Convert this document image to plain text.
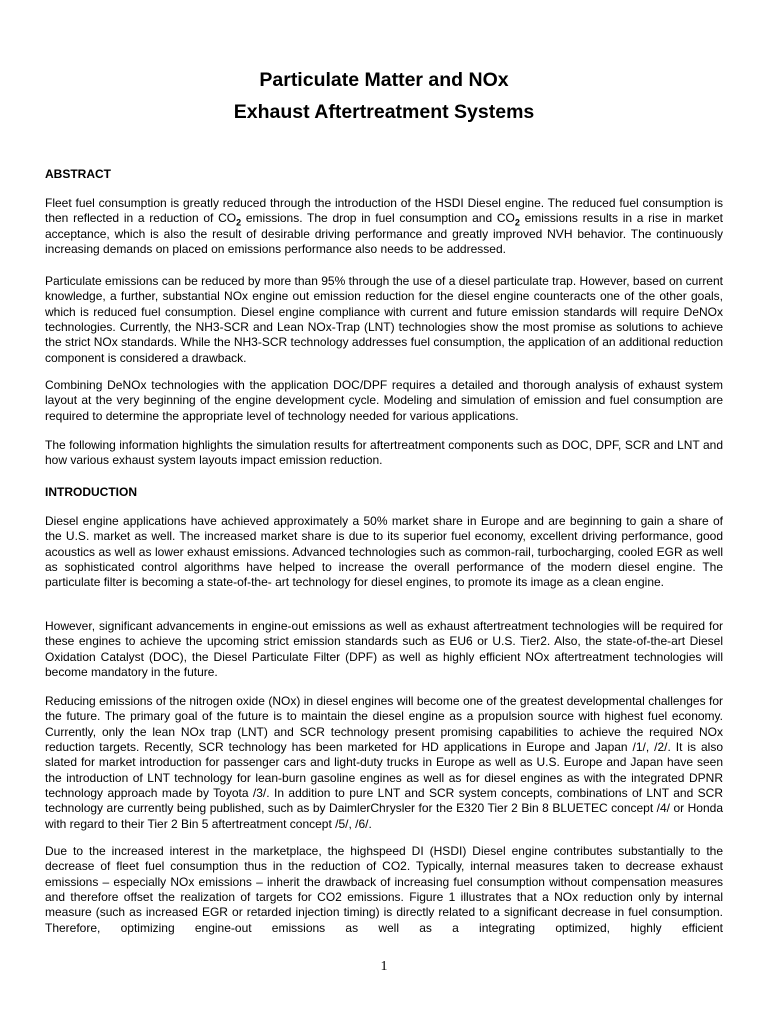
Particulate Matter and NOx
Exhaust Aftertreatment Systems
ABSTRACT

Fleet fuel consumption is greatly reduced through the introduction of the HSDI Diesel engine. The reduced fuel consumption is then reflected in a reduction of $CO_2$ emissions. The drop in fuel consumption and $CO_2$ emissions results in a rise in market acceptance, which is also the result of desirable driving performance and greatly improved NVH behavior. The continuously increasing demands on placed on emissions performance also needs to be addressed.

Particulate emissions can be reduced by more than 95% through the use of a diesel particulate trap. However, based on current knowledge, a further, substantial NOx engine out emission reduction for the diesel engine counteracts one of the other goals, which is reduced fuel consumption. Diesel engine compliance with current and future emission standards will require DeNOx technologies. Currently, the NH3-SCR and Lean NOx-Trap (LNT) technologies show the most promise as solutions to achieve the strict NOx standards. While the NH3-SCR technology addresses fuel consumption, the application of an additional reduction component is considered a drawback.

Combining DeNOx technologies with the application DOC/DPF requires a detailed and thorough analysis of exhaust system layout at the very beginning of the engine development cycle. Modeling and simulation of emission and fuel consumption are required to determine the appropriate level of technology needed for various applications.

The following information highlights the simulation results for aftertreatment components such as DOC, DPF, SCR and LNT and how various exhaust system layouts impact emission reduction.

INTRODUCTION

Diesel engine applications have achieved approximately a 50% market share in Europe and are beginning to gain a share of the U.S. market as well. The increased market share is due to its superior fuel economy, excellent driving performance, good acoustics as well as lower exhaust emissions. Advanced technologies such as common-rail, turbocharging, cooled EGR as well as sophisticated control algorithms have helped to increase the overall performance of the modern diesel engine. The particulate filter is becoming a state-of-the- art technology for diesel engines, to promote its image as a clean engine.

However, significant advancements in engine-out emissions as well as exhaust aftertreatment technologies will be required for these engines to achieve the upcoming strict emission standards such as EU6 or U.S. Tier2. Also, the state-of-the-art Diesel Oxidation Catalyst (DOC), the Diesel Particulate Filter (DPF) as well as highly efficient NOx aftertreatment technologies will become mandatory in the future.

Reducing emissions of the nitrogen oxide (NOx) in diesel engines will become one of the greatest developmental challenges for the future. The primary goal of the future is to maintain the diesel engine as a propulsion source with highest fuel economy. Currently, only the lean NOx trap (LNT) and SCR technology present promising capabilities to achieve the required NOx reduction targets. Recently, SCR technology has been marketed for HD applications in Europe and Japan /1/, /2/. It is also slated for market introduction for passenger cars and light-duty trucks in Europe as well as U.S. Europe and Japan have seen the introduction of LNT technology for lean-burn gasoline engines as well as for diesel engines as with the integrated DPNR technology approach made by Toyota /3/. In addition to pure LNT and SCR system concepts, combinations of LNT and SCR technology are currently being published, such as by DaimlerChrysler for the E320 Tier 2 Bin 8 BLUETEC concept /4/ or Honda with regard to their Tier 2 Bin 5 aftertreatment concept /5/, /6/.

Due to the increased interest in the marketplace, the highspeed DI (HSDI) Diesel engine contributes substantially to the decrease of fleet fuel consumption thus in the reduction of CO2. Typically, internal measures taken to decrease exhaust emissions – especially NOx emissions – inherit the drawback of increasing fuel consumption without compensation measures and therefore offset the realization of targets for CO2 emissions. Figure 1 illustrates that a NOx reduction only by internal measure (such as increased EGR or retarded injection timing) is directly related to a significant decrease in fuel consumption. Therefore, optimizing engine-out emissions as well as a integrating optimized, highly efficient

1
